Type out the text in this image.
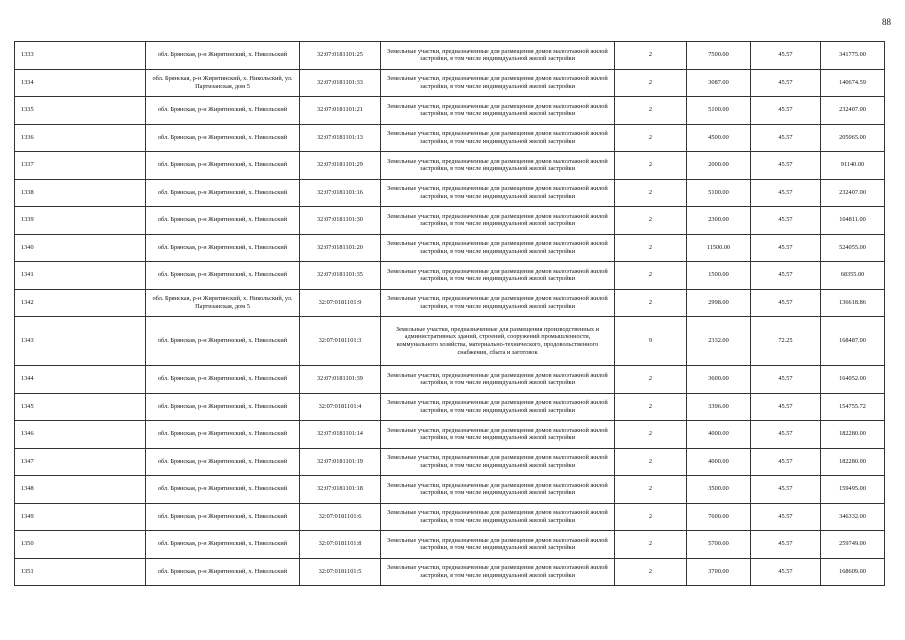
88
1333	обл. Брянская, р-н Жирятинский, х. Никольский	32:07:0181101:25	Земельные участки, предназначенные для размещения домов малоэтажной жилой застройки, в том числе индивидуальной жилой застройки	2	7500.00	45.57	341775.00
1334	обл. Брянская, р-н Жирятинский, х. Никольский, ул. Партизанская, дом 5	32:07:0181101:33	Земельные участки, предназначенные для размещения домов малоэтажной жилой застройки, в том числе индивидуальной жилой застройки	2	3087.00	45.57	140674.59
1335	обл. Брянская, р-н Жирятинский, х. Никольский	32:07:0181101:21	Земельные участки, предназначенные для размещения домов малоэтажной жилой застройки, в том числе индивидуальной жилой застройки	2	5100.00	45.57	232407.00
1336	обл. Брянская, р-н Жирятинский, х. Никольский	32:07:0181101:13	Земельные участки, предназначенные для размещения домов малоэтажной жилой застройки, в том числе индивидуальной жилой застройки	2	4500.00	45.57	205065.00
1337	обл. Брянская, р-н Жирятинский, х. Никольский	32:07:0181101:29	Земельные участки, предназначенные для размещения домов малоэтажной жилой застройки, в том числе индивидуальной жилой застройки	2	2000.00	45.57	91140.00
1338	обл. Брянская, р-н Жирятинский, х. Никольский	32:07:0181101:16	Земельные участки, предназначенные для размещения домов малоэтажной жилой застройки, в том числе индивидуальной жилой застройки	2	5100.00	45.57	232407.00
1339	обл. Брянская, р-н Жирятинский, х. Никольский	32:07:0181101:30	Земельные участки, предназначенные для размещения домов малоэтажной жилой застройки, в том числе индивидуальной жилой застройки	2	2300.00	45.57	104811.00
1340	обл. Брянская, р-н Жирятинский, х. Никольский	32:07:0181101:20	Земельные участки, предназначенные для размещения домов малоэтажной жилой застройки, в том числе индивидуальной жилой застройки	2	11500.00	45.57	524055.00
1341	обл. Брянская, р-н Жирятинский, х. Никольский	32:07:0181101:35	Земельные участки, предназначенные для размещения домов малоэтажной жилой застройки, в том числе индивидуальной жилой застройки	2	1500.00	45.57	68355.00
1342	обл. Брянская, р-н Жирятинский, х. Никольский, ул. Партизанская, дом 5	32:07:0181101:9	Земельные участки, предназначенные для размещения домов малоэтажной жилой застройки, в том числе индивидуальной жилой застройки	2	2998.00	45.57	136618.86
1343	обл. Брянская, р-н Жирятинский, х. Никольский	32:07:0181101:3	Земельные участки, предназначенные для размещения производственных и административных зданий, строений, сооружений промышленности, коммунального хозяйства, материально-технического, продовольственного снабжения, сбыта и заготовок	9	2332.00	72.25	168487.00
1344	обл. Брянская, р-н Жирятинский, х. Никольский	32:07:0181101:39	Земельные участки, предназначенные для размещения домов малоэтажной жилой застройки, в том числе индивидуальной жилой застройки	2	3600.00	45.57	164052.00
1345	обл. Брянская, р-н Жирятинский, х. Никольский	32:07:0181101:4	Земельные участки, предназначенные для размещения домов малоэтажной жилой застройки, в том числе индивидуальной жилой застройки	2	3396.00	45.57	154755.72
1346	обл. Брянская, р-н Жирятинский, х. Никольский	32:07:0181101:14	Земельные участки, предназначенные для размещения домов малоэтажной жилой застройки, в том числе индивидуальной жилой застройки	2	4000.00	45.57	182280.00
1347	обл. Брянская, р-н Жирятинский, х. Никольский	32:07:0181101:19	Земельные участки, предназначенные для размещения домов малоэтажной жилой застройки, в том числе индивидуальной жилой застройки	2	4000.00	45.57	182280.00
1348	обл. Брянская, р-н Жирятинский, х. Никольский	32:07:0181101:18	Земельные участки, предназначенные для размещения домов малоэтажной жилой застройки, в том числе индивидуальной жилой застройки	2	3500.00	45.57	159495.00
1349	обл. Брянская, р-н Жирятинский, х. Никольский	32:07:0181101:6	Земельные участки, предназначенные для размещения домов малоэтажной жилой застройки, в том числе индивидуальной жилой застройки	2	7600.00	45.57	346332.00
1350	обл. Брянская, р-н Жирятинский, х. Никольский	32:07:0181101:8	Земельные участки, предназначенные для размещения домов малоэтажной жилой застройки, в том числе индивидуальной жилой застройки	2	5700.00	45.57	259749.00
1351	обл. Брянская, р-н Жирятинский, х. Никольский	32:07:0181101:5	Земельные участки, предназначенные для размещения домов малоэтажной жилой застройки, в том числе индивидуальной жилой застройки	2	3700.00	45.57	168609.00
